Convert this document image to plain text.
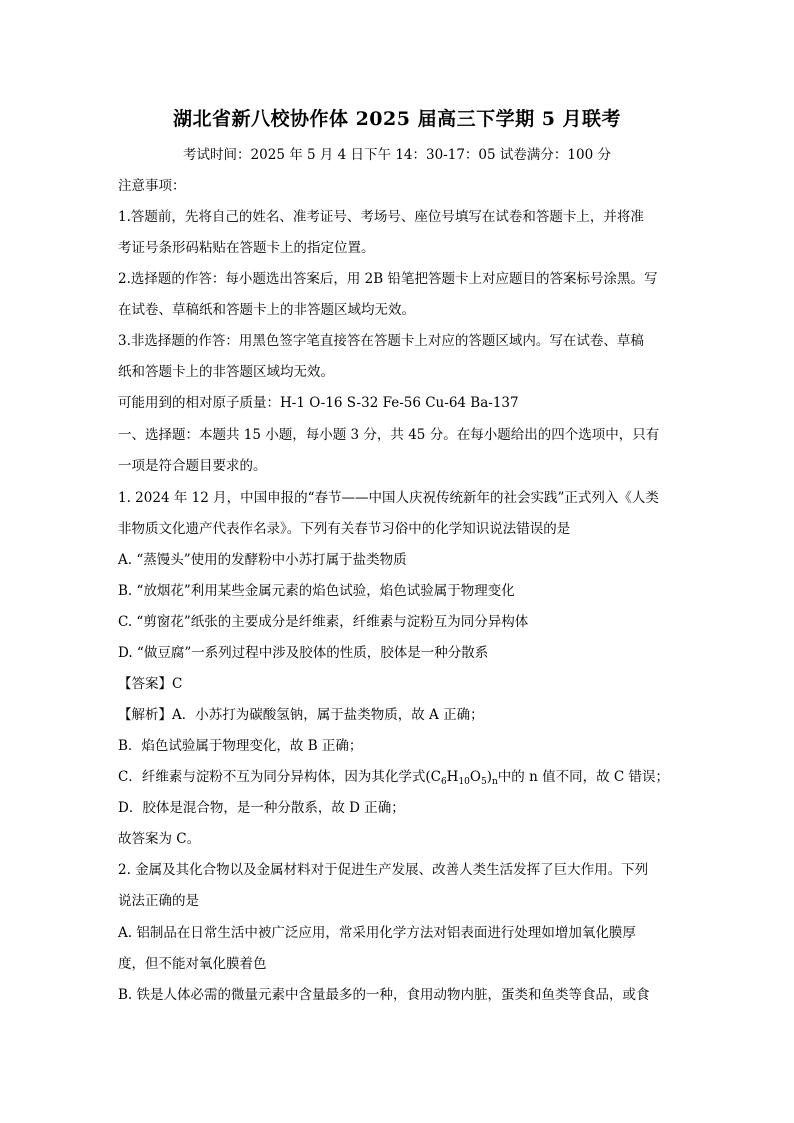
湖北省新八校协作体 2025 届高三下学期 5 月联考
考试时间：2025 年 5 月 4 日下午 14：30-17：05 试卷满分：100 分
注意事项：
1.答题前，先将自己的姓名、准考证号、考场号、座位号填写在试卷和答题卡上，并将准
考证号条形码粘贴在答题卡上的指定位置。
2.选择题的作答：每小题选出答案后，用 2B 铅笔把答题卡上对应题目的答案标号涂黑。写
在试卷、草稿纸和答题卡上的非答题区域均无效。
3.非选择题的作答：用黑色签字笔直接答在答题卡上对应的答题区域内。写在试卷、草稿
纸和答题卡上的非答题区域均无效。
可能用到的相对原子质量：H-1 O-16 S-32 Fe-56 Cu-64 Ba-137
一、选择题：本题共 15 小题，每小题 3 分，共 45 分。在每小题给出的四个选项中，只有
一项是符合题目要求的。
1. 2024 年 12 月，中国申报的“春节——中国人庆祝传统新年的社会实践”正式列入《人类
非物质文化遗产代表作名录》。下列有关春节习俗中的化学知识说法错误的是
A. “蒸馒头”使用的发酵粉中小苏打属于盐类物质
B. “放烟花”利用某些金属元素的焰色试验，焰色试验属于物理变化
C. “剪窗花”纸张的主要成分是纤维素，纤维素与淀粉互为同分异构体
D. “做豆腐”一系列过程中涉及胶体的性质，胶体是一种分散系
【答案】C
【解析】A．小苏打为碳酸氢钠，属于盐类物质，故 A 正确；
B．焰色试验属于物理变化，故 B 正确；
C．纤维素与淀粉不互为同分异构体，因为其化学式$(C_6H_{10}O_5)_n$中的 n 值不同，故 C 错误；
D．胶体是混合物，是一种分散系，故 D 正确；
故答案为 C。
2. 金属及其化合物以及金属材料对于促进生产发展、改善人类生活发挥了巨大作用。下列
说法正确的是
A. 铝制品在日常生活中被广泛应用，常采用化学方法对铝表面进行处理如增加氧化膜厚
度，但不能对氧化膜着色
B. 铁是人体必需的微量元素中含量最多的一种，食用动物内脏，蛋类和鱼类等食品，或食
